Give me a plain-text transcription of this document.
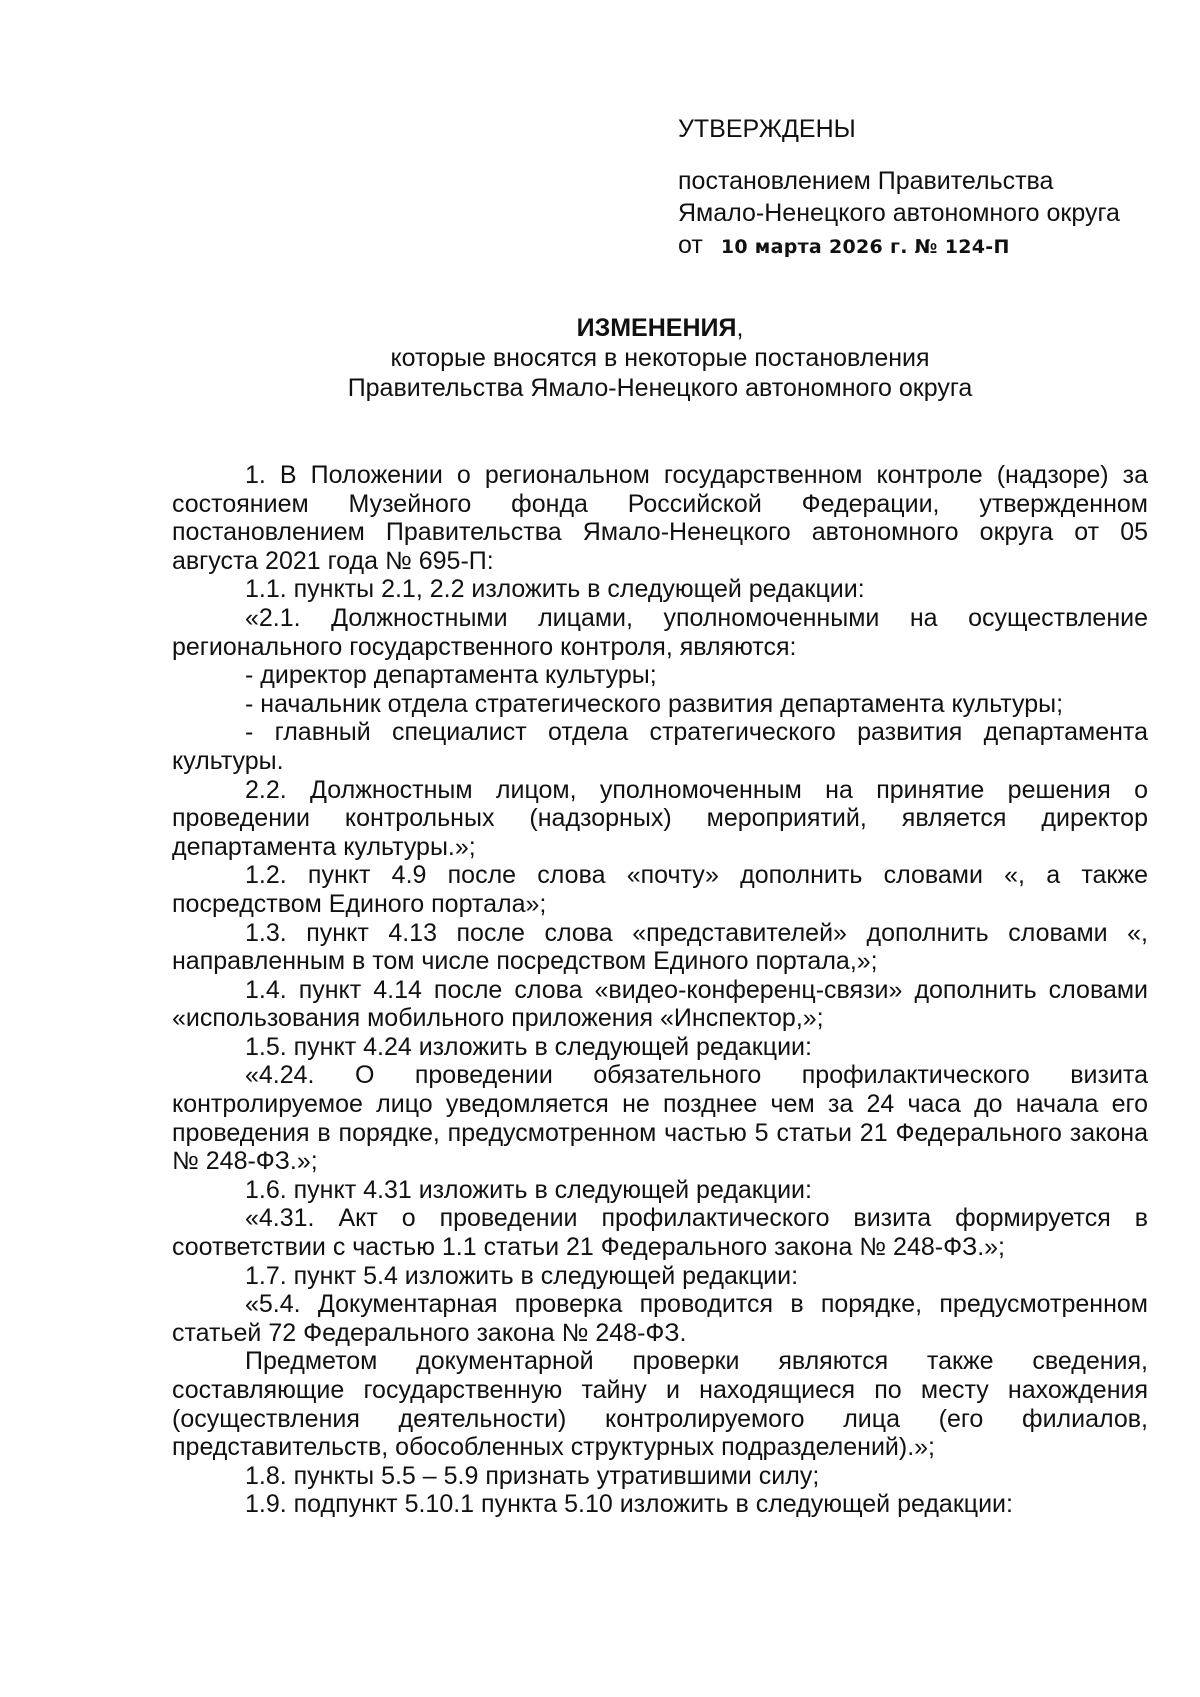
УТВЕРЖДЕНЫ
постановлением Правительства
Ямало-Ненецкого автономного округа
от 10 марта 2026 г. № 124-П
ИЗМЕНЕНИЯ,
которые вносятся в некоторые постановления
Правительства Ямало-Ненецкого автономного округа

1. В Положении о региональном государственном контроле (надзоре) за состоянием Музейного фонда Российской Федерации, утвержденном постановлением Правительства Ямало-Ненецкого автономного округа от 05 августа 2021 года № 695-П:

1.1. пункты 2.1, 2.2 изложить в следующей редакции:

«2.1. Должностными лицами, уполномоченными на осуществление регионального государственного контроля, являются:

- директор департамента культуры;

- начальник отдела стратегического развития департамента культуры;

- главный специалист отдела стратегического развития департамента культуры.

2.2. Должностным лицом, уполномоченным на принятие решения о проведении контрольных (надзорных) мероприятий, является директор департамента культуры.»;

1.2. пункт 4.9 после слова «почту» дополнить словами «, а также посредством Единого портала»;

1.3. пункт 4.13 после слова «представителей» дополнить словами «, направленным в том числе посредством Единого портала,»;

1.4. пункт 4.14 после слова «видео-конференц-связи» дополнить словами «использования мобильного приложения «Инспектор,»;

1.5. пункт 4.24 изложить в следующей редакции:

«4.24. О проведении обязательного профилактического визита контролируемое лицо уведомляется не позднее чем за 24 часа до начала его проведения в порядке, предусмотренном частью 5 статьи 21 Федерального закона № 248-ФЗ.»;

1.6. пункт 4.31 изложить в следующей редакции:

«4.31. Акт о проведении профилактического визита формируется в соответствии с частью 1.1 статьи 21 Федерального закона № 248-ФЗ.»;

1.7. пункт 5.4 изложить в следующей редакции:

«5.4. Документарная проверка проводится в порядке, предусмотренном статьей 72 Федерального закона № 248-ФЗ.

Предметом документарной проверки являются также сведения, составляющие государственную тайну и находящиеся по месту нахождения (осуществления деятельности) контролируемого лица (его филиалов, представительств, обособленных структурных подразделений).»;

1.8. пункты 5.5 – 5.9 признать утратившими силу;

1.9. подпункт 5.10.1 пункта 5.10 изложить в следующей редакции:
